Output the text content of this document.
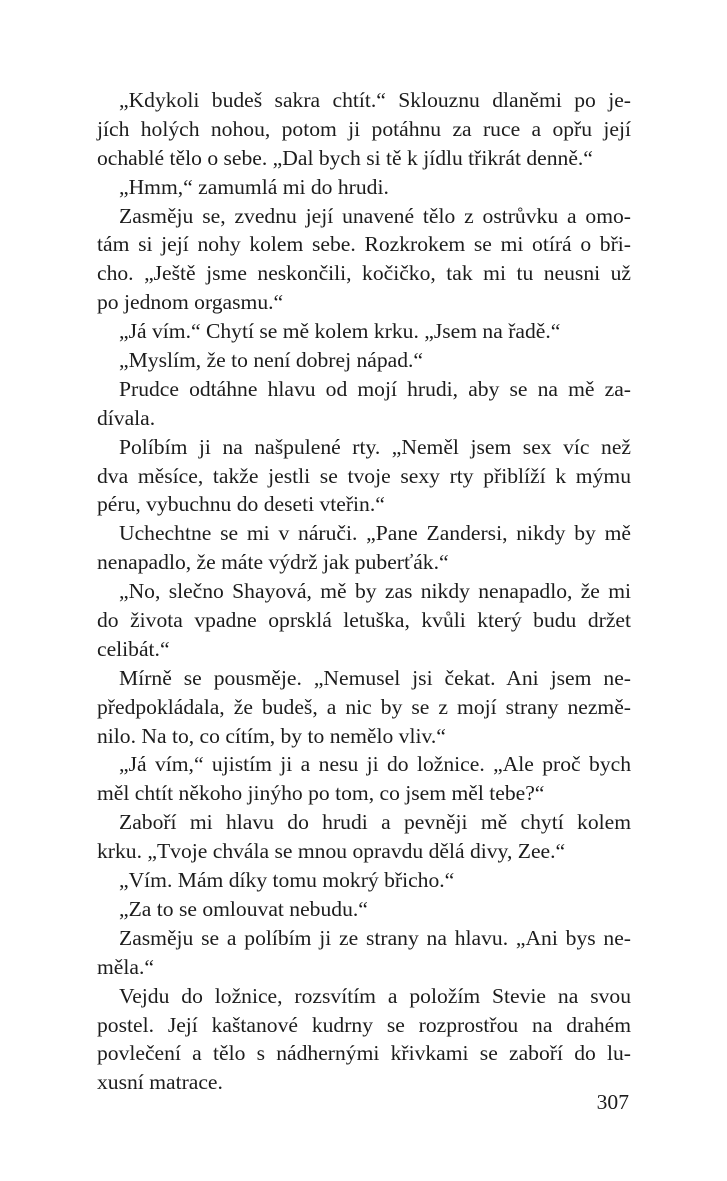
„Kdykoli budeš sakra chtít.“ Sklouznu dlaněmi po je-
jích holých nohou, potom ji potáhnu za ruce a opřu její
ochablé tělo o sebe. „Dal bych si tě k jídlu třikrát denně.“
„Hmm,“ zamumlá mi do hrudi.
Zasměju se, zvednu její unavené tělo z ostrůvku a omo-
tám si její nohy kolem sebe. Rozkrokem se mi otírá o bři-
cho. „Ještě jsme neskončili, kočičko, tak mi tu neusni už
po jednom orgasmu.“
„Já vím.“ Chytí se mě kolem krku. „Jsem na řadě.“
„Myslím, že to není dobrej nápad.“
Prudce odtáhne hlavu od mojí hrudi, aby se na mě za-
dívala.
Políbím ji na našpulené rty. „Neměl jsem sex víc než
dva měsíce, takže jestli se tvoje sexy rty přiblíží k mýmu
péru, vybuchnu do deseti vteřin.“
Uchechtne se mi v náruči. „Pane Zandersi, nikdy by mě
nenapadlo, že máte výdrž jak puberťák.“
„No, slečno Shayová, mě by zas nikdy nenapadlo, že mi
do života vpadne oprsklá letuška, kvůli který budu držet
celibát.“
Mírně se pousměje. „Nemusel jsi čekat. Ani jsem ne-
předpokládala, že budeš, a nic by se z mojí strany nezmě-
nilo. Na to, co cítím, by to nemělo vliv.“
„Já vím,“ ujistím ji a nesu ji do ložnice. „Ale proč bych
měl chtít někoho jinýho po tom, co jsem měl tebe?“
Zaboří mi hlavu do hrudi a pevněji mě chytí kolem
krku. „Tvoje chvála se mnou opravdu dělá divy, Zee.“
„Vím. Mám díky tomu mokrý břicho.“
„Za to se omlouvat nebudu.“
Zasměju se a políbím ji ze strany na hlavu. „Ani bys ne-
měla.“
Vejdu do ložnice, rozsvítím a položím Stevie na svou
postel. Její kaštanové kudrny se rozprostřou na drahém
povlečení a tělo s nádhernými křivkami se zaboří do lu-
xusní matrace.
307
